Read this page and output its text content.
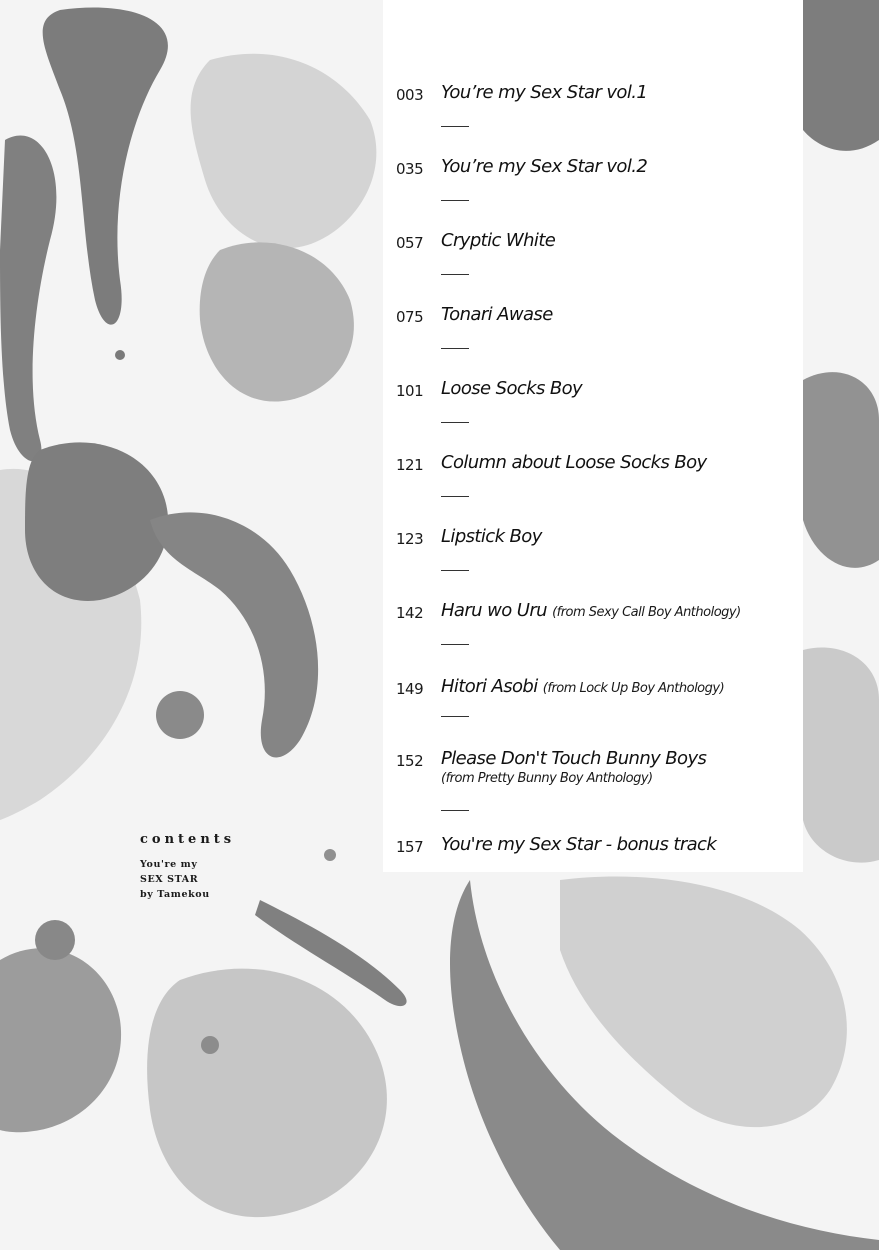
003 You’re my Sex Star vol.1
035 You’re my Sex Star vol.2
057 Cryptic White
075 Tonari Awase
101 Loose Socks Boy
121 Column about Loose Socks Boy
123 Lipstick Boy
142 Haru wo Uru (from Sexy Call Boy Anthology)
149 Hitori Asobi (from Lock Up Boy Anthology)
152 Please Don't Touch Bunny Boys
(from Pretty Bunny Boy Anthology)
157 You're my Sex Star - bonus track
contents
You're my
SEX STAR
by Tamekou
